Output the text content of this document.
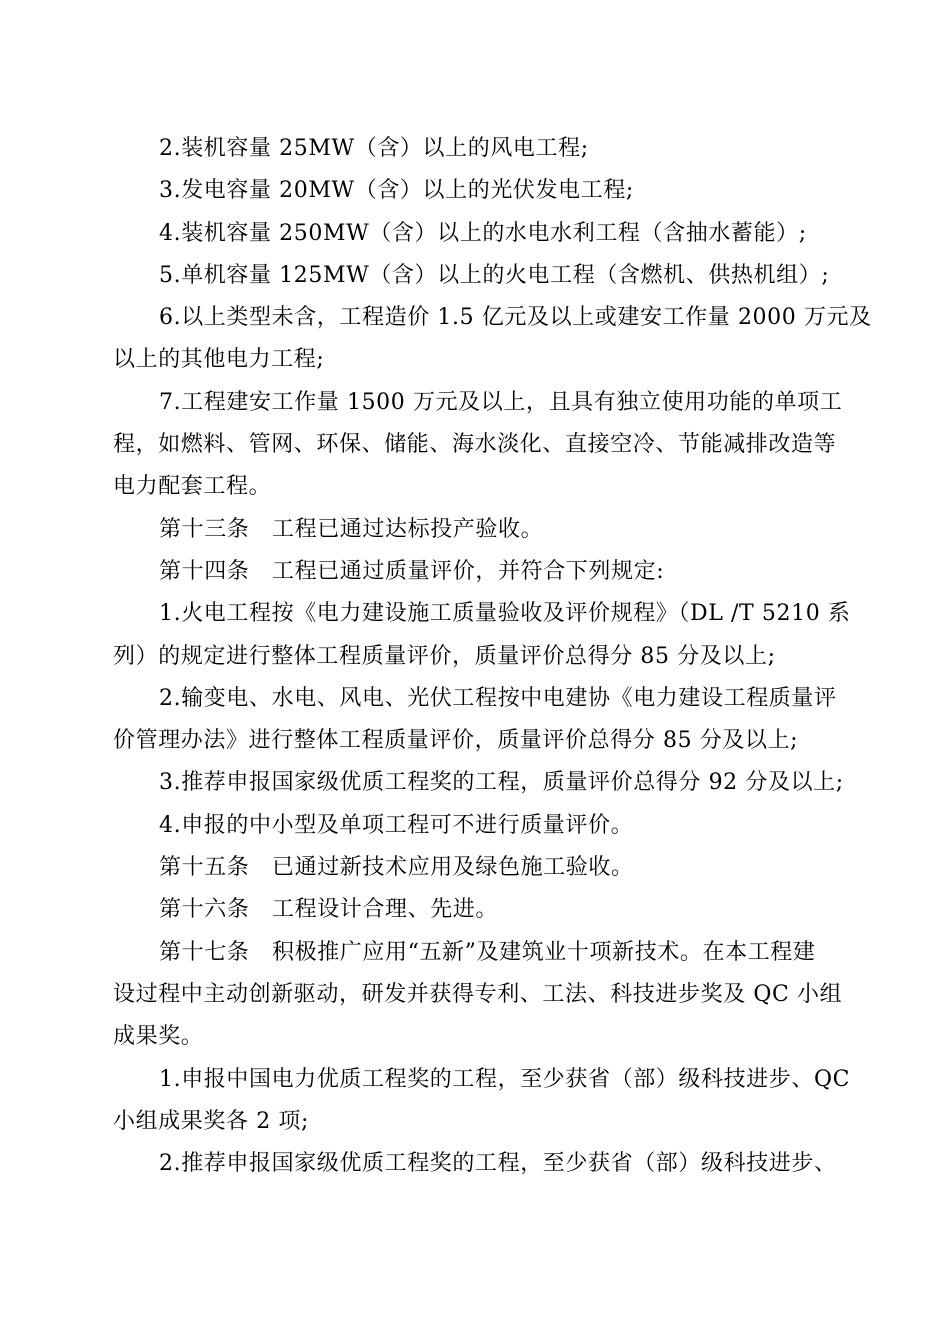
2.装机容量 25MW（含）以上的风电工程;
3.发电容量 20MW（含）以上的光伏发电工程;
4.装机容量 250MW（含）以上的水电水利工程（含抽水蓄能）;
5.单机容量 125MW（含）以上的火电工程（含燃机、供热机组）;
6.以上类型未含，工程造价 1.5 亿元及以上或建安工作量 2000 万元及
以上的其他电力工程;
7.工程建安工作量 1500 万元及以上，且具有独立使用功能的单项工
程，如燃料、管网、环保、储能、海水淡化、直接空冷、节能减排改造等
电力配套工程。
第十三条　工程已通过达标投产验收。
第十四条　工程已通过质量评价，并符合下列规定:
1.火电工程按《电力建设施工质量验收及评价规程》（DL /T 5210 系
列）的规定进行整体工程质量评价，质量评价总得分 85 分及以上;
2.输变电、水电、风电、光伏工程按中电建协《电力建设工程质量评
价管理办法》进行整体工程质量评价，质量评价总得分 85 分及以上;
3.推荐申报国家级优质工程奖的工程，质量评价总得分 92 分及以上;
4.申报的中小型及单项工程可不进行质量评价。
第十五条　已通过新技术应用及绿色施工验收。
第十六条　工程设计合理、先进。
第十七条　积极推广应用“五新”及建筑业十项新技术。在本工程建
设过程中主动创新驱动，研发并获得专利、工法、科技进步奖及 QC 小组
成果奖。
1.申报中国电力优质工程奖的工程，至少获省（部）级科技进步、QC
小组成果奖各 2 项;
2.推荐申报国家级优质工程奖的工程，至少获省（部）级科技进步、
